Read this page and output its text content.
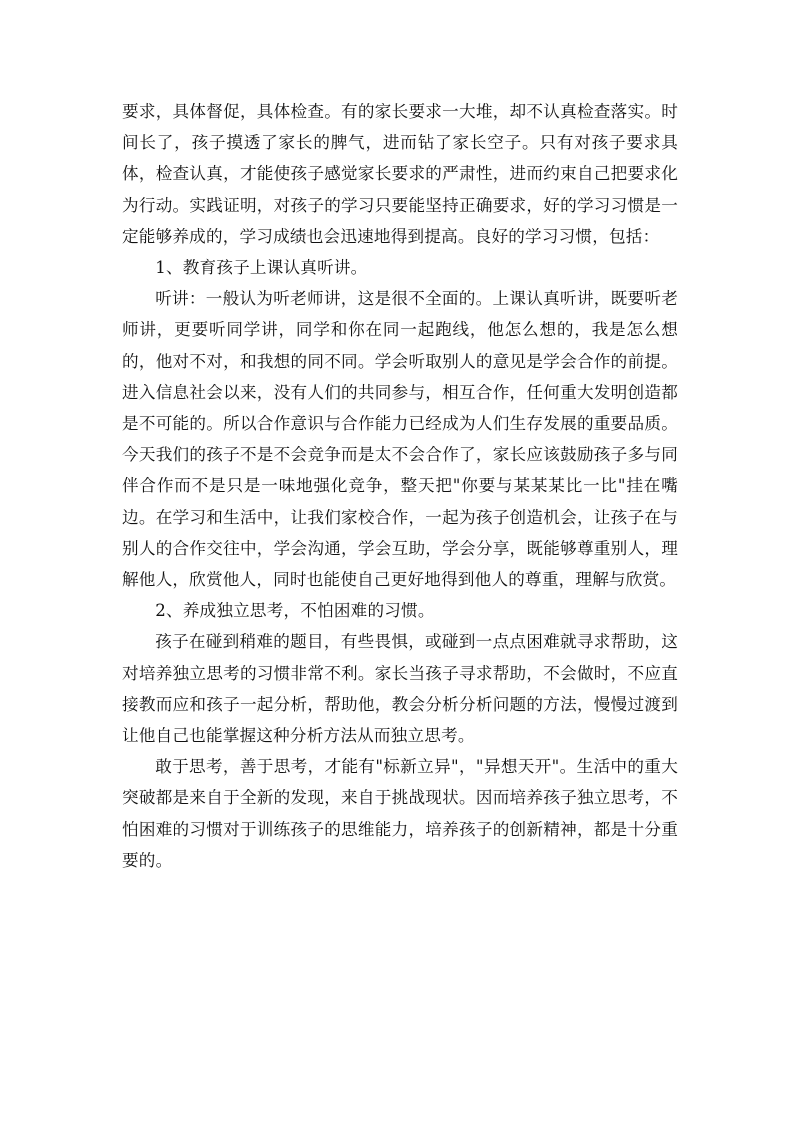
要求，具体督促，具体检查。有的家长要求一大堆，却不认真检查落实。时间长了，孩子摸透了家长的脾气，进而钻了家长空子。只有对孩子要求具体，检查认真，才能使孩子感觉家长要求的严肃性，进而约束自己把要求化为行动。实践证明，对孩子的学习只要能坚持正确要求，好的学习习惯是一定能够养成的，学习成绩也会迅速地得到提高。良好的学习习惯，包括：

1、教育孩子上课认真听讲。

听讲：一般认为听老师讲，这是很不全面的。上课认真听讲，既要听老师讲，更要听同学讲，同学和你在同一起跑线，他怎么想的，我是怎么想的，他对不对，和我想的同不同。学会听取别人的意见是学会合作的前提。进入信息社会以来，没有人们的共同参与，相互合作，任何重大发明创造都是不可能的。所以合作意识与合作能力已经成为人们生存发展的重要品质。今天我们的孩子不是不会竞争而是太不会合作了，家长应该鼓励孩子多与同伴合作而不是只是一味地强化竞争，整天把"你要与某某某比一比"挂在嘴边。在学习和生活中，让我们家校合作，一起为孩子创造机会，让孩子在与别人的合作交往中，学会沟通，学会互助，学会分享，既能够尊重别人，理解他人，欣赏他人，同时也能使自己更好地得到他人的尊重，理解与欣赏。

2、养成独立思考，不怕困难的习惯。

孩子在碰到稍难的题目，有些畏惧，或碰到一点点困难就寻求帮助，这对培养独立思考的习惯非常不利。家长当孩子寻求帮助，不会做时，不应直接教而应和孩子一起分析，帮助他，教会分析分析问题的方法，慢慢过渡到让他自己也能掌握这种分析方法从而独立思考。

敢于思考，善于思考，才能有"标新立异"，"异想天开"。生活中的重大突破都是来自于全新的发现，来自于挑战现状。因而培养孩子独立思考，不怕困难的习惯对于训练孩子的思维能力，培养孩子的创新精神，都是十分重要的。
